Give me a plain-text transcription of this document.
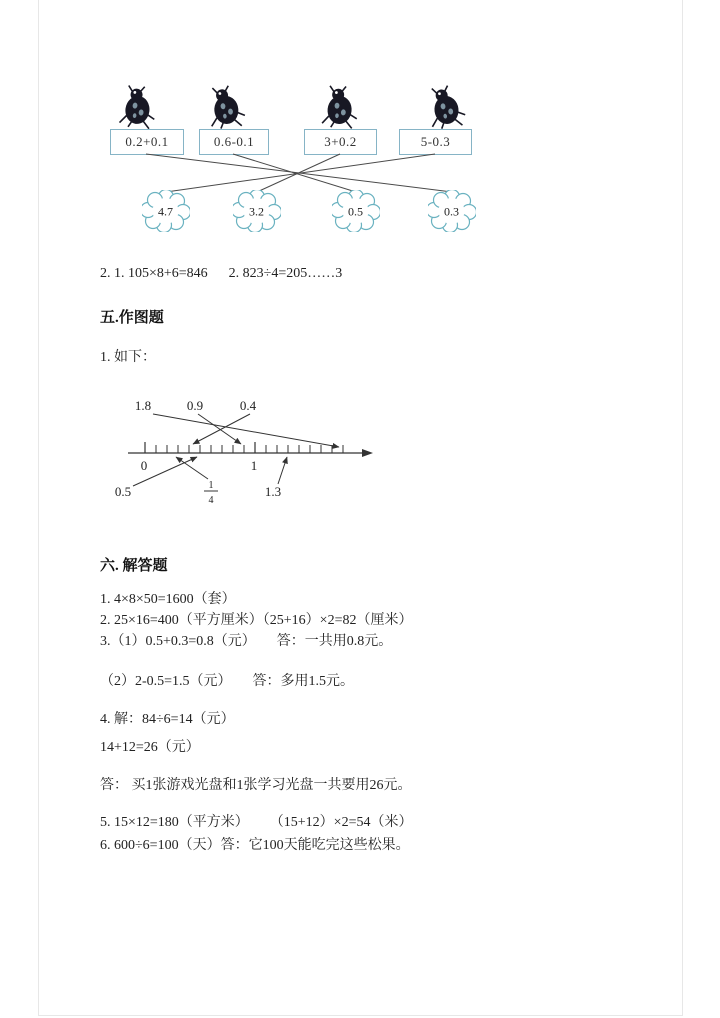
0.2+0.1	0.6-0.1	3+0.2	5-0.3
4.7	3.2	0.5	0.3

2. 1. 105×8+6=846      2. 823÷4=205……3

五.作图题

1. 如下：

1.8	0.9	0.4
0	1
0.5	1
4
1.3

六. 解答题

1. 4×8×50=1600（套）

2. 25×16=400（平方厘米）（25+16）×2=82（厘米）

3.（1）0.5+0.3=0.8（元）      答：一共用0.8元。

（2）2-0.5=1.5（元）      答：多用1.5元。

4. 解：84÷6=14（元）

14+12=26（元）

答： 买1张游戏光盘和1张学习光盘一共要用26元。

5. 15×12=180（平方米）      （15+12）×2=54（米）

6. 600÷6=100（天）答：它100天能吃完这些松果。
